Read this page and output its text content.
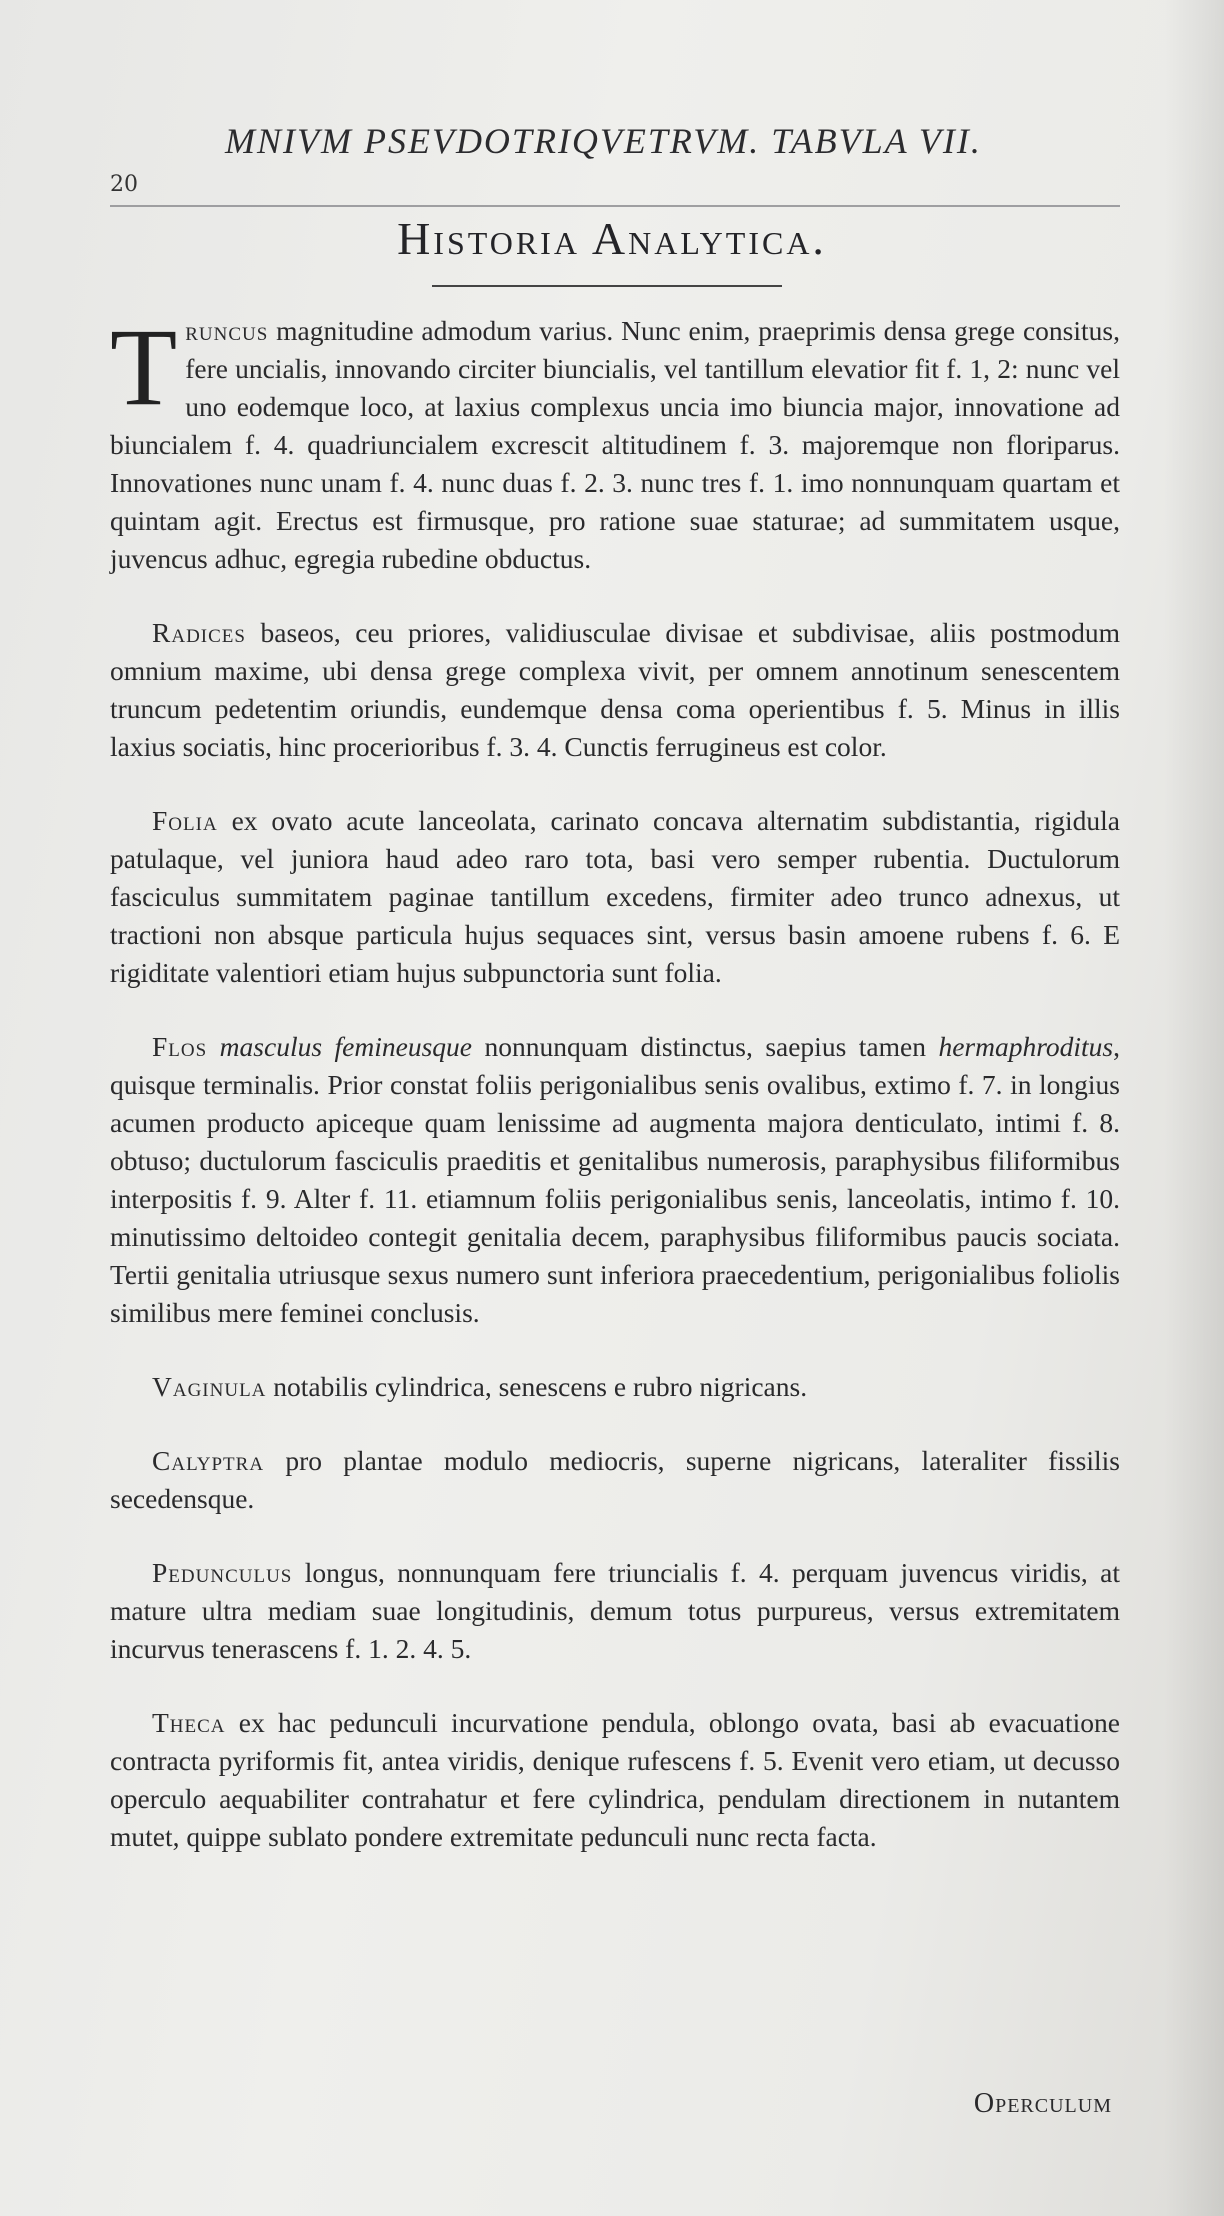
20
MNIVM PSEVDOTRIQVETRVM. TABVLA VII.
Historia Analytica.

Truncus magnitudine admodum varius. Nunc enim, praeprimis densa grege consitus, fere uncialis, innovando circiter biuncialis, vel tantillum elevatior fit f. 1, 2: nunc vel uno eodemque loco, at laxius complexus uncia imo biuncia major, innovatione ad biuncialem f. 4. quadriuncialem excrescit altitudinem f. 3. majoremque non floriparus. Innovationes nunc unam f. 4. nunc duas f. 2. 3. nunc tres f. 1. imo nonnunquam quartam et quintam agit. Erectus est firmusque, pro ratione suae staturae; ad summitatem usque, juvencus adhuc, egregia rubedine obductus.

Radices baseos, ceu priores, validiusculae divisae et subdivisae, aliis postmodum omnium maxime, ubi densa grege complexa vivit, per omnem annotinum senescentem truncum pedetentim oriundis, eundemque densa coma operientibus f. 5. Minus in illis laxius sociatis, hinc procerioribus f. 3. 4. Cunctis ferrugineus est color.

Folia ex ovato acute lanceolata, carinato concava alternatim subdistantia, rigidula patulaque, vel juniora haud adeo raro tota, basi vero semper rubentia. Ductulorum fasciculus summitatem paginae tantillum excedens, firmiter adeo trunco adnexus, ut tractioni non absque particula hujus sequaces sint, versus basin amoene rubens f. 6. E rigiditate valentiori etiam hujus subpunctoria sunt folia.

Flos masculus femineusque nonnunquam distinctus, saepius tamen hermaphroditus, quisque terminalis. Prior constat foliis perigonialibus senis ovalibus, extimo f. 7. in longius acumen producto apiceque quam lenissime ad augmenta majora denticulato, intimi f. 8. obtuso; ductulorum fasciculis praeditis et genitalibus numerosis, paraphysibus filiformibus interpositis f. 9. Alter f. 11. etiamnum foliis perigonialibus senis, lanceolatis, intimo f. 10. minutissimo deltoideo contegit genitalia decem, paraphysibus filiformibus paucis sociata. Tertii genitalia utriusque sexus numero sunt inferiora praecedentium, perigonialibus foliolis similibus mere feminei conclusis.

Vaginula notabilis cylindrica, senescens e rubro nigricans.

Calyptra pro plantae modulo mediocris, superne nigricans, lateraliter fissilis secedensque.

Pedunculus longus, nonnunquam fere triuncialis f. 4. perquam juvencus viridis, at mature ultra mediam suae longitudinis, demum totus purpureus, versus extremitatem incurvus tenerascens f. 1. 2. 4. 5.

Theca ex hac pedunculi incurvatione pendula, oblongo ovata, basi ab evacuatione contracta pyriformis fit, antea viridis, denique rufescens f. 5. Evenit vero etiam, ut decusso operculo aequabiliter contrahatur et fere cylindrica, pendulam directionem in nutantem mutet, quippe sublato pondere extremitate pedunculi nunc recta facta.

Operculum
